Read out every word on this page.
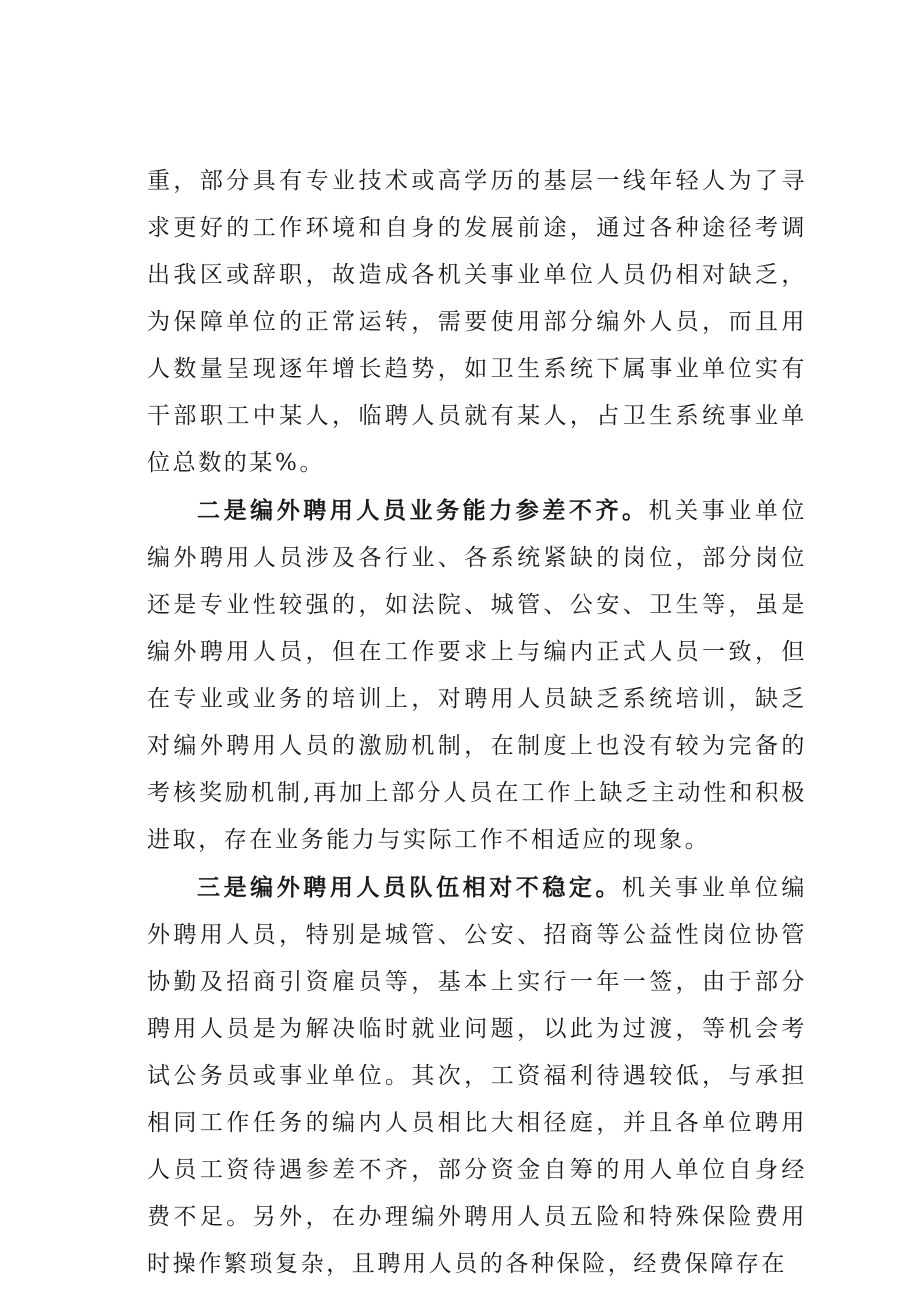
重，部分具有专业技术或高学历的基层一线年轻人为了寻求更好的工作环境和自身的发展前途，通过各种途径考调出我区或辞职，故造成各机关事业单位人员仍相对缺乏，为保障单位的正常运转，需要使用部分编外人员，而且用人数量呈现逐年增长趋势，如卫生系统下属事业单位实有干部职工中某人，临聘人员就有某人，占卫生系统事业单位总数的某%。

二是编外聘用人员业务能力参差不齐。机关事业单位编外聘用人员涉及各行业、各系统紧缺的岗位，部分岗位还是专业性较强的，如法院、城管、公安、卫生等，虽是编外聘用人员，但在工作要求上与编内正式人员一致，但在专业或业务的培训上，对聘用人员缺乏系统培训，缺乏对编外聘用人员的激励机制，在制度上也没有较为完备的考核奖励机制,再加上部分人员在工作上缺乏主动性和积极进取，存在业务能力与实际工作不相适应的现象。

三是编外聘用人员队伍相对不稳定。机关事业单位编外聘用人员，特别是城管、公安、招商等公益性岗位协管协勤及招商引资雇员等，基本上实行一年一签，由于部分聘用人员是为解决临时就业问题，以此为过渡，等机会考试公务员或事业单位。其次，工资福利待遇较低，与承担相同工作任务的编内人员相比大相径庭，并且各单位聘用人员工资待遇参差不齐，部分资金自筹的用人单位自身经费不足。另外，在办理编外聘用人员五险和特殊保险费用时操作繁琐复杂，且聘用人员的各种保险，经费保障存在
